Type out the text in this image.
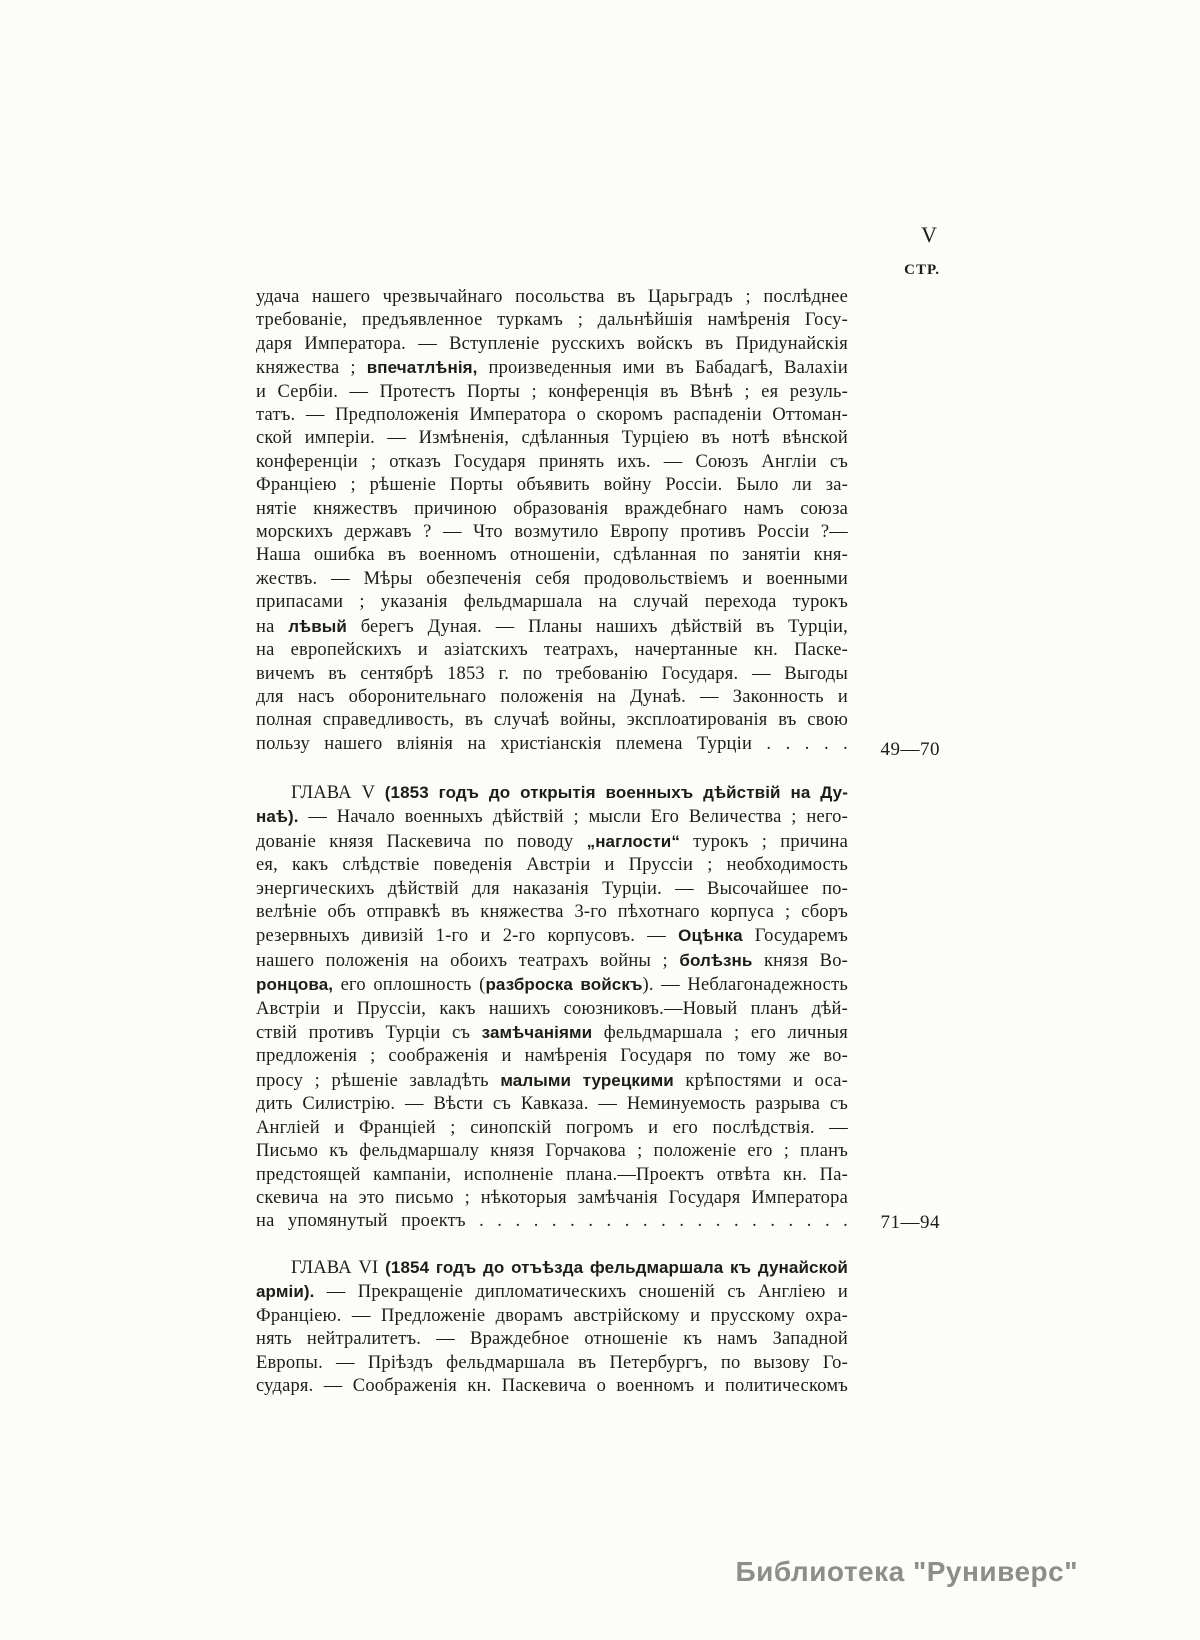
V
СТР.
удача нашего чрезвычайнаго посольства въ Царьградъ ; послѣднее
требованіе, предъявленное туркамъ ; дальнѣйшія намѣренія Госу-
даря Императора. — Вступленіе русскихъ войскъ въ Придунайскія
княжества ; впечатлѣнія, произведенныя ими въ Бабадагѣ, Валахіи
и Сербіи. — Протестъ Порты ; конференція въ Вѣнѣ ; ея резуль-
татъ. — Предположенія Императора о скоромъ распаденіи Оттоман-
ской имперіи. — Измѣненія, сдѣланныя Турціею въ нотѣ вѣнской
конференціи ; отказъ Государя принять ихъ. — Союзъ Англіи съ
Франціею ; рѣшеніе Порты объявить войну Россіи. Было ли за-
нятіе княжествъ причиною образованія враждебнаго намъ союза
морскихъ державъ ? — Что возмутило Европу противъ Россіи ?—
Наша ошибка въ военномъ отношеніи, сдѣланная по занятіи кня-
жествъ. — Мѣры обезпеченія себя продовольствіемъ и военными
припасами ; указанія фельдмаршала на случай перехода турокъ
на лѣвый берегъ Дуная. — Планы нашихъ дѣйствій въ Турціи,
на европейскихъ и азіатскихъ театрахъ, начертанные кн. Паске-
вичемъ въ сентябрѣ 1853 г. по требованію Государя. — Выгоды
для насъ оборонительнаго положенія на Дунаѣ. — Законность и
полная справедливость, въ случаѣ войны, эксплоатированія въ свою
пользу нашего вліянія на христіанскія племена Турціи . . . . .	49—70
ГЛАВА V (1853 годъ до открытія военныхъ дѣйствій на Ду-
наѣ). — Начало военныхъ дѣйствій ; мысли Его Величества ; него-
дованіе князя Паскевича по поводу „наглости“ турокъ ; причина
ея, какъ слѣдствіе поведенія Австріи и Пруссіи ; необходимость
энергическихъ дѣйствій для наказанія Турціи. — Высочайшее по-
велѣніе объ отправкѣ въ княжества 3-го пѣхотнаго корпуса ; сборъ
резервныхъ дивизій 1-го и 2-го корпусовъ. — Оцѣнка Государемъ
нашего положенія на обоихъ театрахъ войны ; болѣзнь князя Во-
ронцова, его оплошность (разброска войскъ). — Неблагонадежность
Австріи и Пруссіи, какъ нашихъ союзниковъ.—Новый планъ дѣй-
ствій противъ Турціи съ замѣчаніями фельдмаршала ; его личныя
предложенія ; соображенія и намѣренія Государя по тому же во-
просу ; рѣшеніе завладѣть малыми турецкими крѣпостями и оса-
дить Силистрію. — Вѣсти съ Кавказа. — Неминуемость разрыва съ
Англіей и Франціей ; синопскій погромъ и его послѣдствія. —
Письмо къ фельдмаршалу князя Горчакова ; положеніе его ; планъ
предстоящей кампаніи, исполненіе плана.—Проектъ отвѣта кн. Па-
скевича на это письмо ; нѣкоторыя замѣчанія Государя Императора
на упомянутый проектъ . . . . . . . . . . . . . . . . . . . . .	71—94
ГЛАВА VI (1854 годъ до отъѣзда фельдмаршала къ дунайской
арміи). — Прекращеніе дипломатическихъ сношеній съ Англіею и
Франціею. — Предложеніе дворамъ австрійскому и прусскому охра-
нять нейтралитетъ. — Враждебное отношеніе къ намъ Западной
Европы. — Пріѣздъ фельдмаршала въ Петербургъ, по вызову Го-
сударя. — Соображенія кн. Паскевича о военномъ и политическомъ
Библиотека "Руниверс"
